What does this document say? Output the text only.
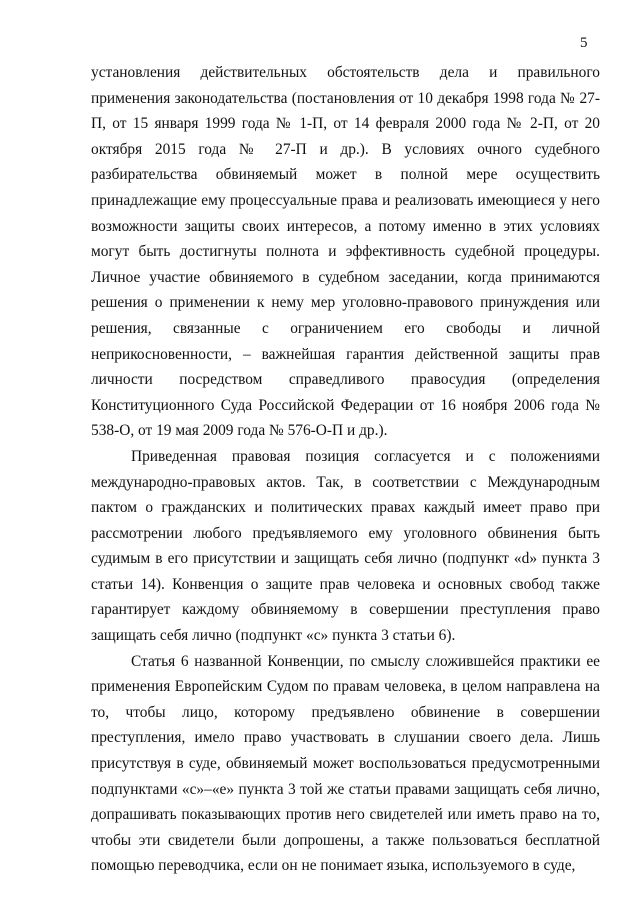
5

установления действительных обстоятельств дела и правильного применения законодательства (постановления от 10 декабря 1998 года № 27-П, от 15 января 1999 года № 1-П, от 14 февраля 2000 года № 2-П, от 20 октября 2015 года № 27-П и др.). В условиях очного судебного разбирательства обвиняемый может в полной мере осуществить принадлежащие ему процессуальные права и реализовать имеющиеся у него возможности защиты своих интересов, а потому именно в этих условиях могут быть достигнуты полнота и эффективность судебной процедуры. Личное участие обвиняемого в судебном заседании, когда принимаются решения о применении к нему мер уголовно-правового принуждения или решения, связанные с ограничением его свободы и личной неприкосновенности, – важнейшая гарантия действенной защиты прав личности посредством справедливого правосудия (определения Конституционного Суда Российской Федерации от 16 ноября 2006 года № 538-О, от 19 мая 2009 года № 576-О-П и др.).

Приведенная правовая позиция согласуется и с положениями международно-правовых актов. Так, в соответствии с Международным пактом о гражданских и политических правах каждый имеет право при рассмотрении любого предъявляемого ему уголовного обвинения быть судимым в его присутствии и защищать себя лично (подпункт «d» пункта 3 статьи 14). Конвенция о защите прав человека и основных свобод также гарантирует каждому обвиняемому в совершении преступления право защищать себя лично (подпункт «c» пункта 3 статьи 6).

Статья 6 названной Конвенции, по смыслу сложившейся практики ее применения Европейским Судом по правам человека, в целом направлена на то, чтобы лицо, которому предъявлено обвинение в совершении преступления, имело право участвовать в слушании своего дела. Лишь присутствуя в суде, обвиняемый может воспользоваться предусмотренными подпунктами «c»–«e» пункта 3 той же статьи правами защищать себя лично, допрашивать показывающих против него свидетелей или иметь право на то, чтобы эти свидетели были допрошены, а также пользоваться бесплатной помощью переводчика, если он не понимает языка, используемого в суде,
